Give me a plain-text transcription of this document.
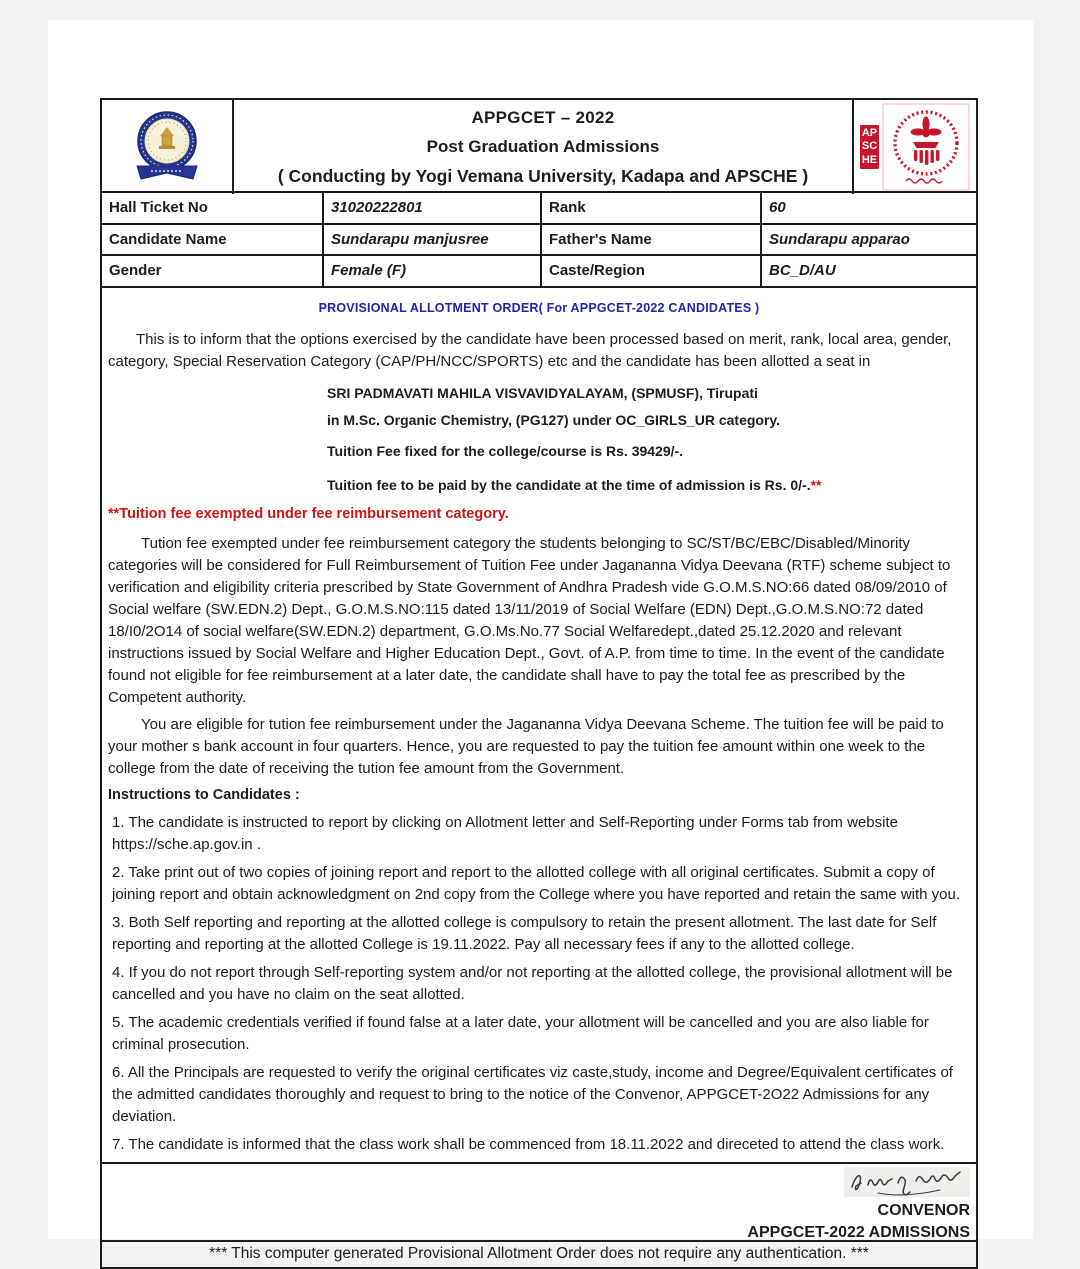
APPGCET – 2022
Post Graduation Admissions
( Conducting by Yogi Vemana University, Kadapa and APSCHE )
APSCHE
Hall Ticket No	31020222801	Rank	60
Candidate Name	Sundarapu manjusree	Father's Name	Sundarapu apparao
Gender	Female (F)	Caste/Region	BC_D/AU
PROVISIONAL ALLOTMENT ORDER( For APPGCET-2022 CANDIDATES )
This is to inform that the options exercised by the candidate have been processed based on merit, rank, local area, gender, category, Special Reservation Category (CAP/PH/NCC/SPORTS) etc and the candidate has been allotted a seat in
SRI PADMAVATI MAHILA VISVAVIDYALAYAM, (SPMUSF), Tirupati
in M.Sc. Organic Chemistry, (PG127) under OC_GIRLS_UR category.
Tuition Fee fixed for the college/course is Rs. 39429/-.
Tuition fee to be paid by the candidate at the time of admission is Rs. 0/-.**
**Tuition fee exempted under fee reimbursement category.
Tution fee exempted under fee reimbursement category the students belonging to SC/ST/BC/EBC/Disabled/Minority categories will be considered for Full Reimbursement of Tuition Fee under Jagananna Vidya Deevana (RTF) scheme subject to verification and eligibility criteria prescribed by State Government of Andhra Pradesh vide G.O.M.S.NO:66 dated 08/09/2010 of Social welfare (SW.EDN.2) Dept., G.O.M.S.NO:115 dated 13/11/2019 of Social Welfare (EDN) Dept.,G.O.M.S.NO:72 dated 18/I0/2O14 of social welfare(SW.EDN.2) department, G.O.Ms.No.77 Social Welfaredept.,dated 25.12.2020 and relevant instructions issued by Social Welfare and Higher Education Dept., Govt. of A.P. from time to time. In the event of the candidate found not eligible for fee reimbursement at a later date, the candidate shall have to pay the total fee as prescribed by the Competent authority.
You are eligible for tution fee reimbursement under the Jagananna Vidya Deevana Scheme. The tuition fee will be paid to your mother s bank account in four quarters. Hence, you are requested to pay the tuition fee amount within one week to the college from the date of receiving the tution fee amount from the Government.
Instructions to Candidates :
1. The candidate is instructed to report by clicking on Allotment letter and Self-Reporting under Forms tab from website https://sche.ap.gov.in .
2. Take print out of two copies of joining report and report to the allotted college with all original certificates. Submit a copy of joining report and obtain acknowledgment on 2nd copy from the College where you have reported and retain the same with you.
3. Both Self reporting and reporting at the allotted college is compulsory to retain the present allotment. The last date for Self reporting and reporting at the allotted College is 19.11.2022. Pay all necessary fees if any to the allotted college.
4. If you do not report through Self-reporting system and/or not reporting at the allotted college, the provisional allotment will be cancelled and you have no claim on the seat allotted.
5. The academic credentials verified if found false at a later date, your allotment will be cancelled and you are also liable for criminal prosecution.
6. All the Principals are requested to verify the original certificates viz caste,study, income and Degree/Equivalent certificates of the admitted candidates thoroughly and request to bring to the notice of the Convenor, APPGCET-2O22 Admissions for any deviation.
7. The candidate is informed that the class work shall be commenced from 18.11.2022 and direceted to attend the class work.
CONVENOR
APPGCET-2022 ADMISSIONS
*** This computer generated Provisional Allotment Order does not require any authentication. ***
